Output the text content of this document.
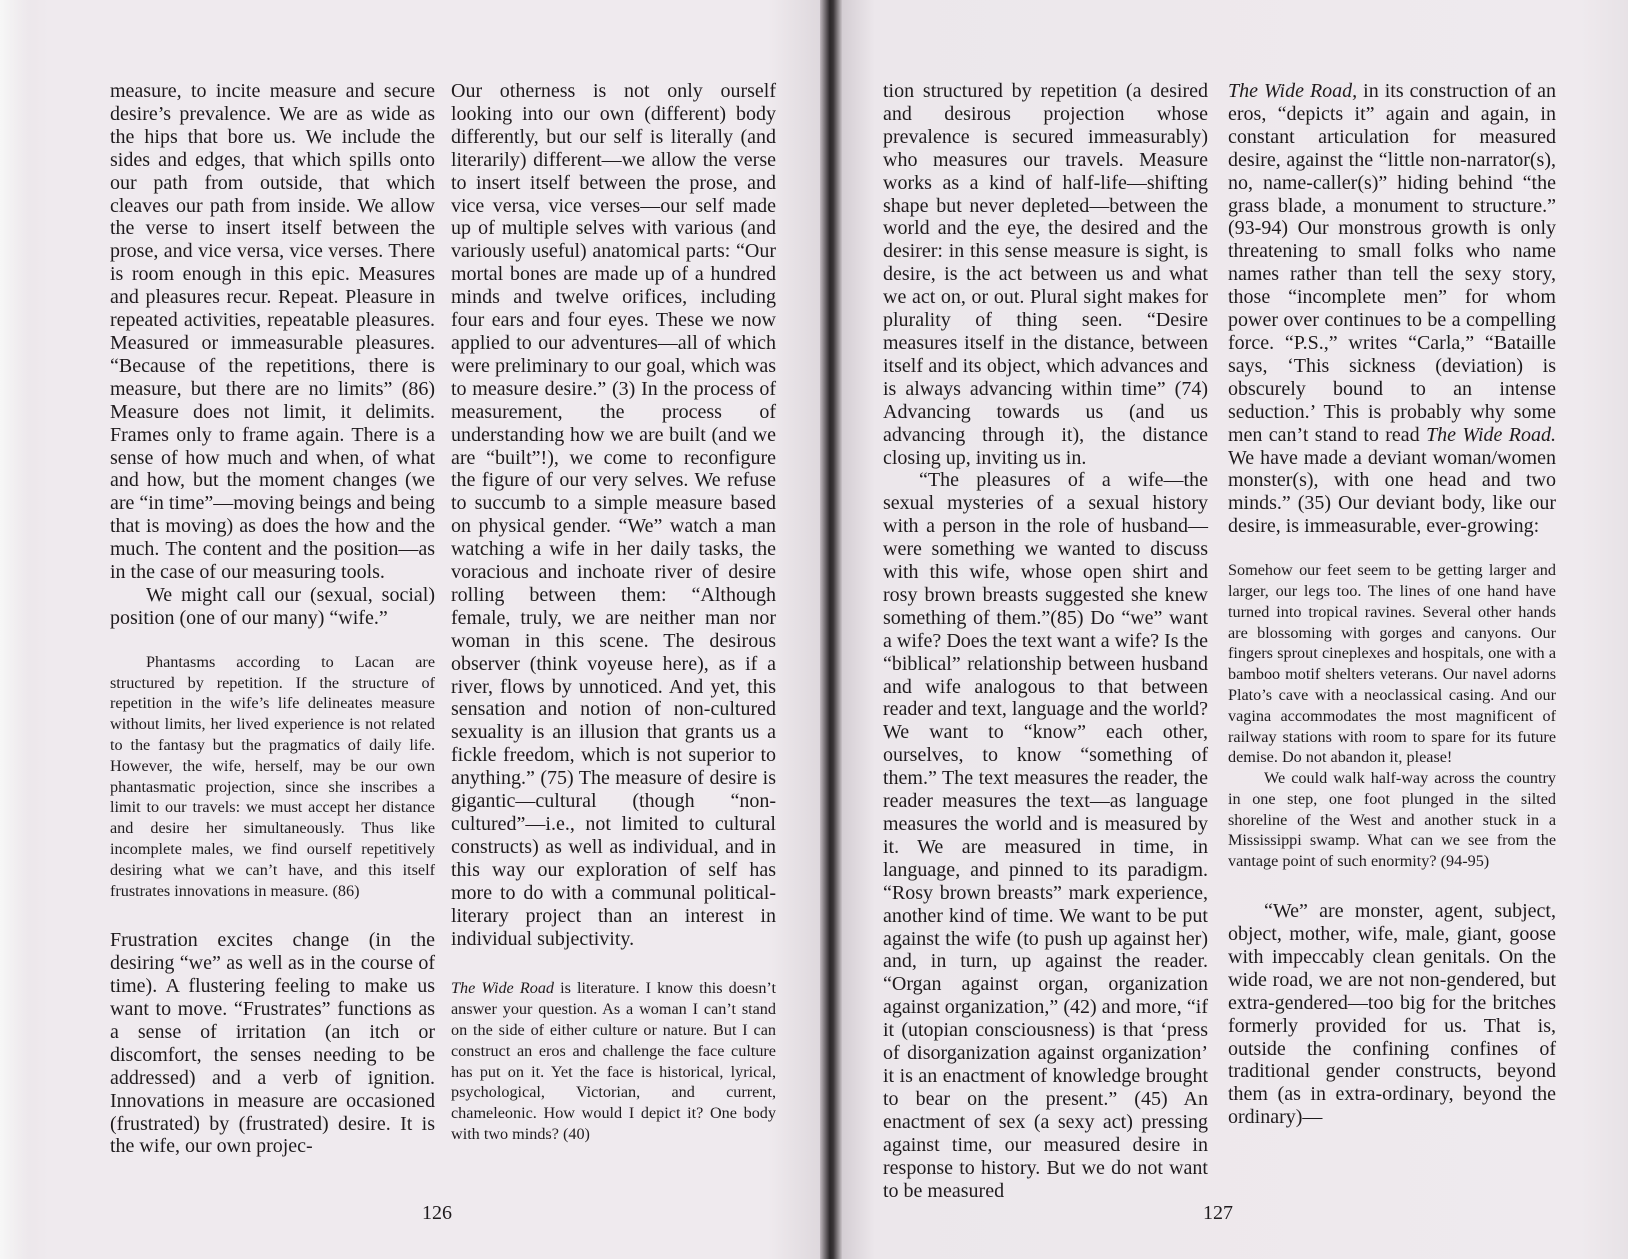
measure, to incite measure and secure desire’s prevalence. We are as wide as the hips that bore us. We include the sides and edges, that which spills onto our path from outside, that which cleaves our path from inside. We allow the verse to insert itself between the prose, and vice versa, vice verses. There is room enough in this epic. Measures and pleasures recur. Repeat. Pleasure in repeated activities, repeatable pleasures. Measured or immeasurable pleasures. “Because of the repetitions, there is measure, but there are no limits” (86) Measure does not limit, it delimits. Frames only to frame again. There is a sense of how much and when, of what and how, but the moment changes (we are “in time”—moving beings and being that is moving) as does the how and the much. The content and the position—as in the case of our measuring tools.

We might call our (sexual, social) position (one of our many) “wife.”

Phantasms according to Lacan are structured by repetition. If the structure of repetition in the wife’s life delineates measure without limits, her lived experience is not related to the fantasy but the pragmatics of daily life. However, the wife, herself, may be our own phantasmatic projection, since she inscribes a limit to our travels: we must accept her distance and desire her simultaneously. Thus like incomplete males, we find ourself repetitively desiring what we can’t have, and this itself frustrates innovations in measure. (86)

Frustration excites change (in the desiring “we” as well as in the course of time). A flustering feeling to make us want to move. “Frustrates” functions as a sense of irritation (an itch or discomfort, the senses needing to be addressed) and a verb of ignition. Innovations in measure are occasioned (frustrated) by (frustrated) desire. It is the wife, our own projec-

Our otherness is not only ourself looking into our own (different) body differently, but our self is literally (and literarily) different—we allow the verse to insert itself between the prose, and vice versa, vice verses—our self made up of multiple selves with various (and variously useful) anatomical parts: “Our mortal bones are made up of a hundred minds and twelve orifices, including four ears and four eyes. These we now applied to our adventures—all of which were preliminary to our goal, which was to measure desire.” (3) In the process of measurement, the process of understanding how we are built (and we are “built”!), we come to reconfigure the figure of our very selves. We refuse to succumb to a simple measure based on physical gender. “We” watch a man watching a wife in her daily tasks, the voracious and inchoate river of desire rolling between them: “Although female, truly, we are neither man nor woman in this scene. The desirous observer (think voyeuse here), as if a river, flows by unnoticed. And yet, this sensation and notion of non-cultured sexuality is an illusion that grants us a fickle freedom, which is not superior to anything.” (75) The measure of desire is gigantic—cultural (though “non-cultured”—i.e., not limited to cultural constructs) as well as individual, and in this way our exploration of self has more to do with a communal political-literary project than an interest in individual subjectivity.

The Wide Road is literature. I know this doesn’t answer your question. As a woman I can’t stand on the side of either culture or nature. But I can construct an eros and challenge the face culture has put on it. Yet the face is historical, lyrical, psychological, Victorian, and current, chameleonic. How would I depict it? One body with two minds? (40)

126

tion structured by repetition (a desired and desirous projection whose prevalence is secured immeasurably) who measures our travels. Measure works as a kind of half-life—shifting shape but never depleted—between the world and the eye, the desired and the desirer: in this sense measure is sight, is desire, is the act between us and what we act on, or out. Plural sight makes for plurality of thing seen. “Desire measures itself in the distance, between itself and its object, which advances and is always advancing within time” (74) Advancing towards us (and us advancing through it), the distance closing up, inviting us in.

“The pleasures of a wife—the sexual mysteries of a sexual history with a person in the role of husband—were something we wanted to discuss with this wife, whose open shirt and rosy brown breasts suggested she knew something of them.”(85) Do “we” want a wife? Does the text want a wife? Is the “biblical” relationship between husband and wife analogous to that between reader and text, language and the world? We want to “know” each other, ourselves, to know “something of them.” The text measures the reader, the reader measures the text—as language measures the world and is measured by it. We are measured in time, in language, and pinned to its paradigm. “Rosy brown breasts” mark experience, another kind of time. We want to be put against the wife (to push up against her) and, in turn, up against the reader. “Organ against organ, organization against organization,” (42) and more, “if it (utopian consciousness) is that ‘press of disorganization against organization’ it is an enactment of knowledge brought to bear on the present.” (45) An enactment of sex (a sexy act) pressing against time, our measured desire in response to history. But we do not want to be measured

The Wide Road, in its construction of an eros, “depicts it” again and again, in constant articulation for measured desire, against the “little non-narrator(s), no, name-caller(s)” hiding behind “the grass blade, a monument to structure.” (93-94) Our monstrous growth is only threatening to small folks who name names rather than tell the sexy story, those “incomplete men” for whom power over continues to be a compelling force. “P.S.,” writes “Carla,” “Bataille says, ‘This sickness (deviation) is obscurely bound to an intense seduction.’ This is probably why some men can’t stand to read The Wide Road. We have made a deviant woman/women monster(s), with one head and two minds.” (35) Our deviant body, like our desire, is immeasurable, ever-growing:

Somehow our feet seem to be getting larger and larger, our legs too. The lines of one hand have turned into tropical ravines. Several other hands are blossoming with gorges and canyons. Our fingers sprout cineplexes and hospitals, one with a bamboo motif shelters veterans. Our navel adorns Plato’s cave with a neoclassical casing. And our vagina accommodates the most magnificent of railway stations with room to spare for its future demise. Do not abandon it, please!

We could walk half-way across the country in one step, one foot plunged in the silted shoreline of the West and another stuck in a Mississippi swamp. What can we see from the vantage point of such enormity? (94-95)

“We” are monster, agent, subject, object, mother, wife, male, giant, goose with impeccably clean genitals. On the wide road, we are not non-gendered, but extra-gendered—too big for the britches formerly provided for us. That is, outside the confining confines of traditional gender constructs, beyond them (as in extra-ordinary, beyond the ordinary)—

127
